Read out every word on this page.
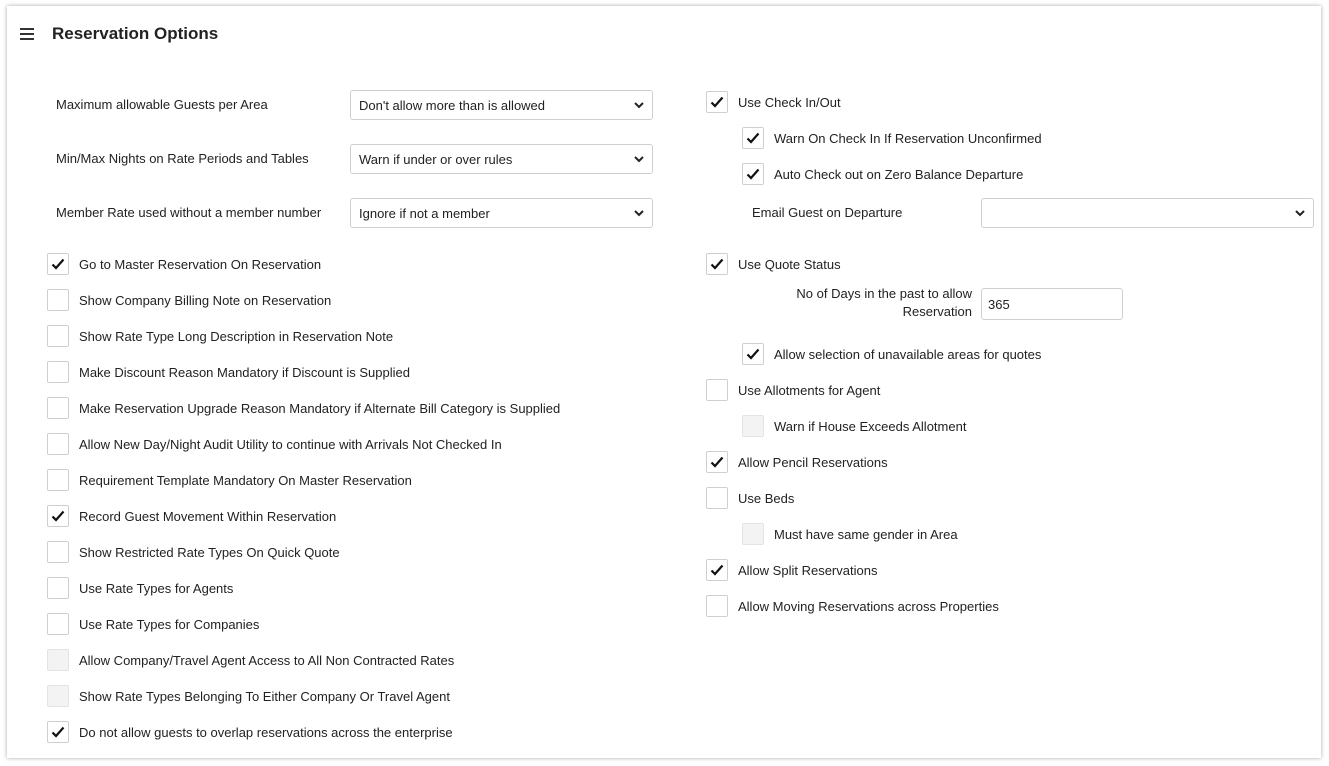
Reservation Options
Maximum allowable Guests per Area	Don't allow more than is allowed
Min/Max Nights on Rate Periods and Tables	Warn if under or over rules
Member Rate used without a member number	Ignore if not a member
Go to Master Reservation On Reservation
Show Company Billing Note on Reservation
Show Rate Type Long Description in Reservation Note
Make Discount Reason Mandatory if Discount is Supplied
Make Reservation Upgrade Reason Mandatory if Alternate Bill Category is Supplied
Allow New Day/Night Audit Utility to continue with Arrivals Not Checked In
Requirement Template Mandatory On Master Reservation
Record Guest Movement Within Reservation
Show Restricted Rate Types On Quick Quote
Use Rate Types for Agents
Use Rate Types for Companies
Allow Company/Travel Agent Access to All Non Contracted Rates
Show Rate Types Belonging To Either Company Or Travel Agent
Do not allow guests to overlap reservations across the enterprise
Use Check In/Out
Warn On Check In If Reservation Unconfirmed
Auto Check out on Zero Balance Departure
Email Guest on Departure
Use Quote Status
No of Days in the past to allow
Reservation	365
Allow selection of unavailable areas for quotes
Use Allotments for Agent
Warn if House Exceeds Allotment
Allow Pencil Reservations
Use Beds
Must have same gender in Area
Allow Split Reservations
Allow Moving Reservations across Properties
